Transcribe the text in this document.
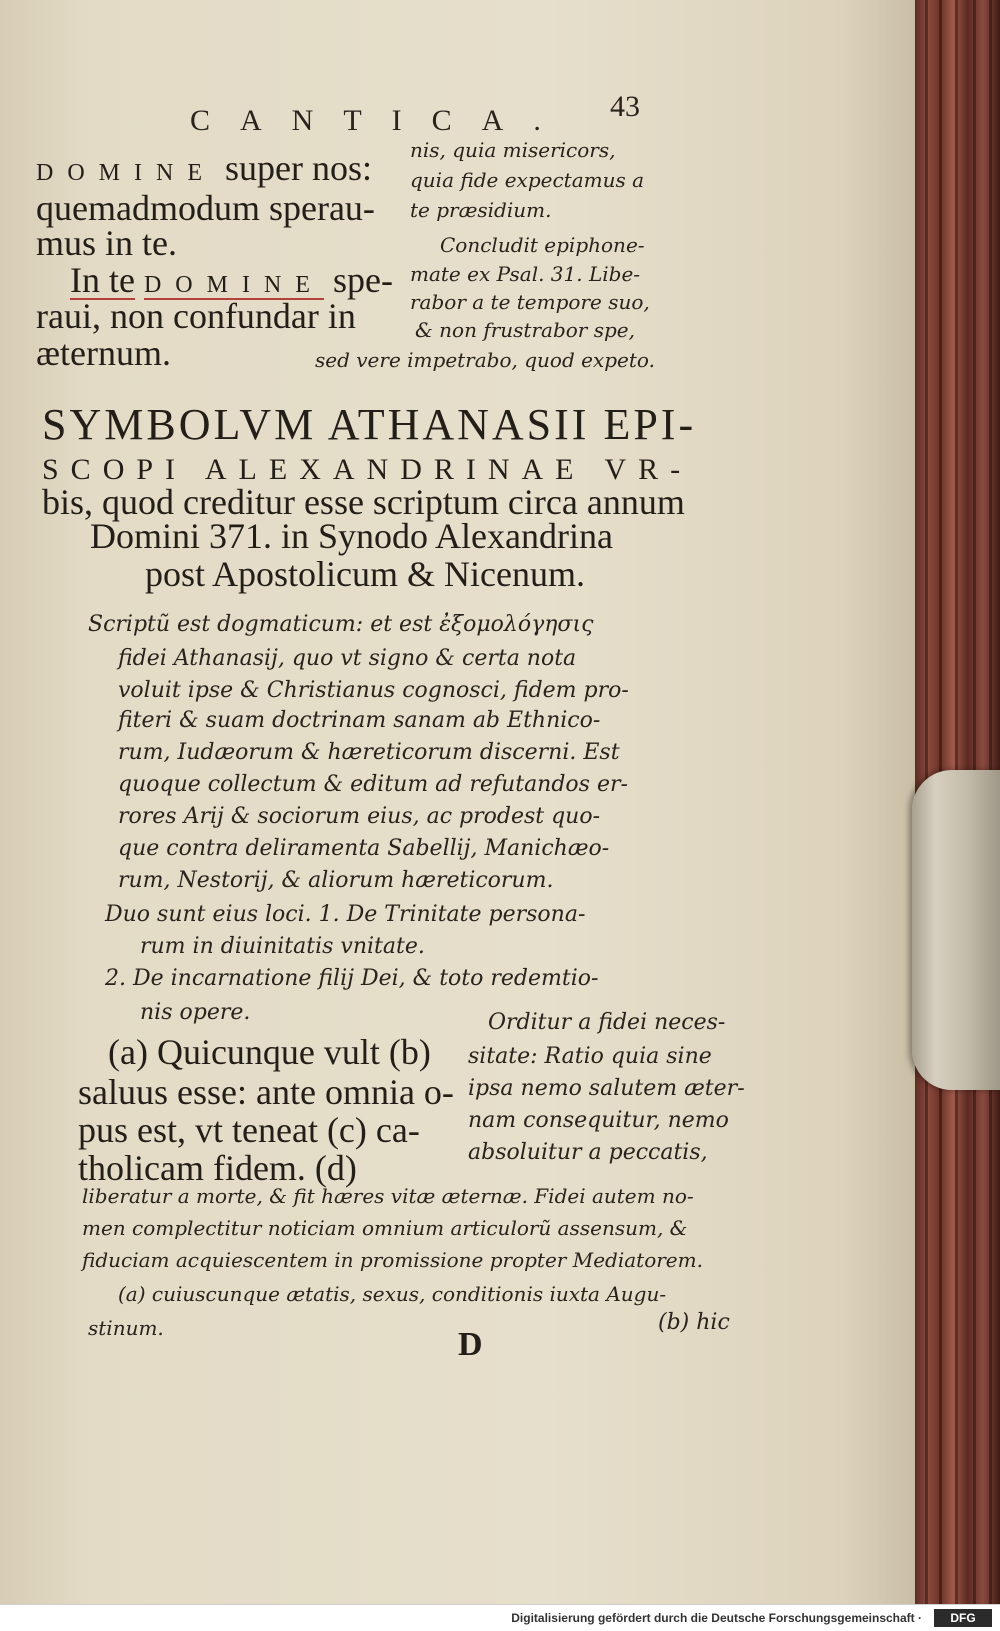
CANTICA. 43
DOMINE super nos:
quemadmodum sperau-
mus in te.
In te DOMINE spe-
raui, non confundar in
æternum.
nis, quia misericors,
quia fide expectamus a
te præsidium.
Concludit epiphone-
mate ex Psal. 31. Libe-
rabor a te tempore suo,
& non frustrabor spe,
sed vere impetrabo, quod expeto.
SYMBOLVM ATHANASII EPI-
SCOPI ALEXANDRINAE VR-
bis, quod creditur esse scriptum circa annum
Domini 371. in Synodo Alexandrina
post Apostolicum & Nicenum.
Scriptũ est dogmaticum: et est ἐξομολόγησις
fidei Athanasij, quo vt signo & certa nota
voluit ipse & Christianus cognosci, fidem pro-
fiteri & suam doctrinam sanam ab Ethnico-
rum, Iudæorum & hæreticorum discerni. Est
quoque collectum & editum ad refutandos er-
rores Arij & sociorum eius, ac prodest quo-
que contra deliramenta Sabellij, Manichæo-
rum, Nestorij, & aliorum hæreticorum.
Duo sunt eius loci. 1. De Trinitate persona-
rum in diuinitatis vnitate.
2. De incarnatione filij Dei, & toto redemtio-
nis opere.
(a) Quicunque vult (b)
saluus esse: ante omnia o-
pus est, vt teneat (c) ca-
tholicam fidem. (d)
Orditur a fidei neces-
sitate: Ratio quia sine
ipsa nemo salutem æter-
nam consequitur, nemo
absoluitur a peccatis,
liberatur a morte, & fit hæres vitæ æternæ. Fidei autem no-
men complectitur noticiam omnium articulorũ assensum, &
fiduciam acquiescentem in promissione propter Mediatorem.
(a) cuiuscunque ætatis, sexus, conditionis iuxta Augu-
stinum.	D
(b) hic
Digitalisierung gefördert durch die Deutsche Forschungsgemeinschaft ·	DFG
